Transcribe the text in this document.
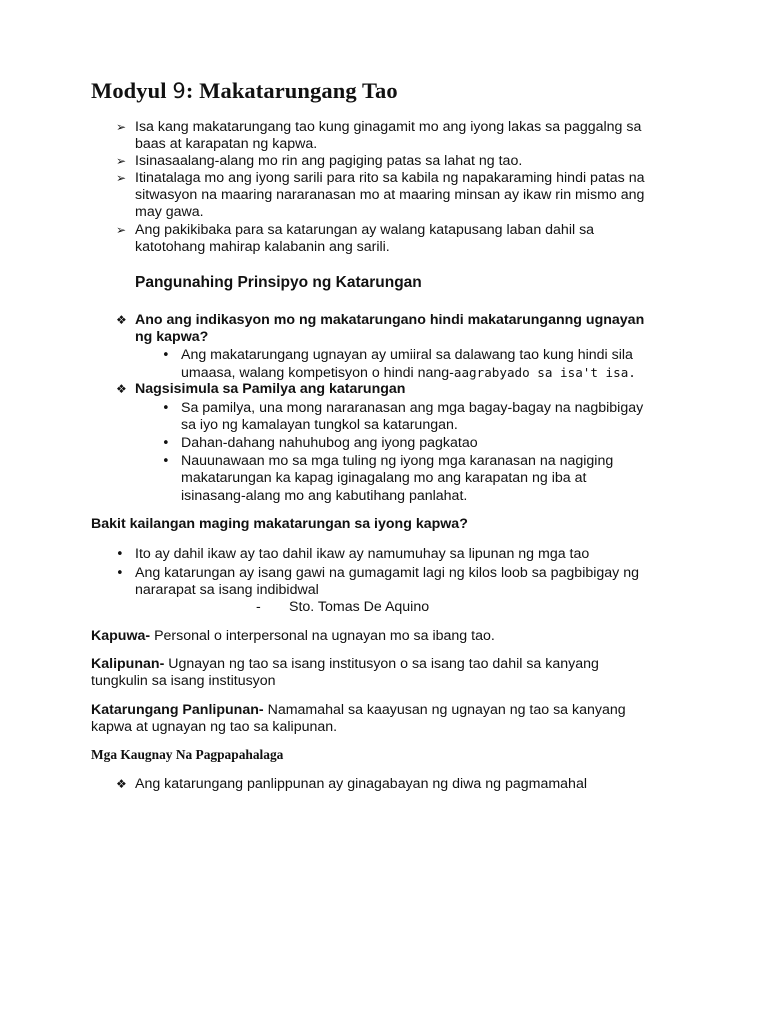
Modyul 9: Makatarungang Tao
➢ Isa kang makatarungang tao kung ginagamit mo ang iyong lakas sa paggalng sa
baas at karapatan ng kapwa.
➢ Isinasaalang-alang mo rin ang pagiging patas sa lahat ng tao.
➢ Itinatalaga mo ang iyong sarili para rito sa kabila ng napakaraming hindi patas na
sitwasyon na maaring nararanasan mo at maaring minsan ay ikaw rin mismo ang
may gawa.
➢ Ang pakikibaka para sa katarungan ay walang katapusang laban dahil sa
katotohang mahirap kalabanin ang sarili.
Pangunahing Prinsipyo ng Katarungan
❖ Ano ang indikasyon mo ng makatarungano hindi makatarunganng ugnayan
ng kapwa?
• Ang makatarungang ugnayan ay umiiral sa dalawang tao kung hindi sila
umaasa, walang kompetisyon o hindi nang-aagrabyado sa isa't isa.
❖ Nagsisimula sa Pamilya ang katarungan
• Sa pamilya, una mong nararanasan ang mga bagay-bagay na nagbibigay
sa iyo ng kamalayan tungkol sa katarungan.
• Dahan-dahang nahuhubog ang iyong pagkatao
• Nauunawaan mo sa mga tuling ng iyong mga karanasan na nagiging
makatarungan ka kapag iginagalang mo ang karapatan ng iba at
isinasang-alang mo ang kabutihang panlahat.
Bakit kailangan maging makatarungan sa iyong kapwa?
• Ito ay dahil ikaw ay tao dahil ikaw ay namumuhay sa lipunan ng mga tao
• Ang katarungan ay isang gawi na gumagamit lagi ng kilos loob sa pagbibigay ng
nararapat sa isang indibidwal
- Sto. Tomas De Aquino
Kapuwa- Personal o interpersonal na ugnayan mo sa ibang tao.
Kalipunan- Ugnayan ng tao sa isang institusyon o sa isang tao dahil sa kanyang
tungkulin sa isang institusyon
Katarungang Panlipunan- Namamahal sa kaayusan ng ugnayan ng tao sa kanyang
kapwa at ugnayan ng tao sa kalipunan.
Mga Kaugnay Na Pagpapahalaga
❖ Ang katarungang panlippunan ay ginagabayan ng diwa ng pagmamahal
